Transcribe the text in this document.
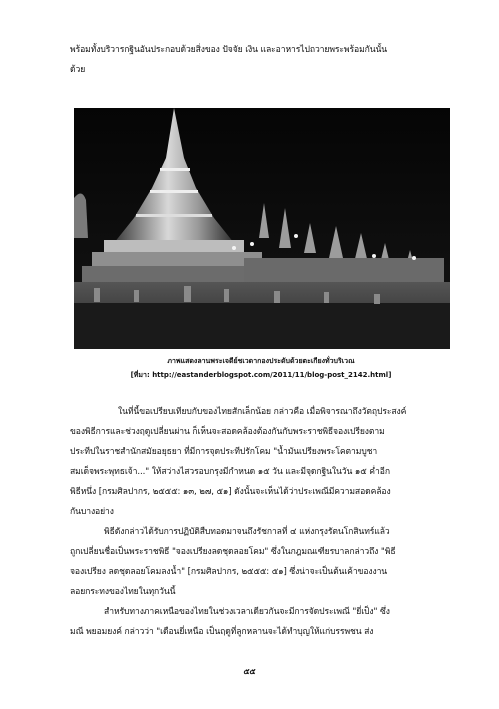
พร้อมทั้งบริวารกฐินอันประกอบด้วยสิ่งของ ปัจจัย เงิน และอาหารไปถวายพระพร้อมกันนั้น

ด้วย

ภาพแสดงลานพระเจดีย์ชเวดากองประดับด้วยตะเกียงทั่วบริเวณ
[ที่มา: http://eastanderblogspot.com/2011/11/blog-post_2142.html]

ในที่นี้ขอเปรียบเทียบกับของไทยสักเล็กน้อย กล่าวคือ เมื่อพิจารณาถึงวัตถุประสงค์
ของพิธีการและช่วงฤดูเปลี่ยนผ่าน ก็เห็นจะสอดคล้องต้องกันกับพระราชพิธีจองเปรียงตาม
ประทีปในราชสำนักสมัยอยุธยา ที่มีการจุดประทีปรักโคม "น้ำมันเปรียงพระโคตามบูชา
สมเด็จพระพุทธเจ้า..." ให้สว่างไสวรอบกรุงมีกำหนด ๑๕ วัน และมีจุดกฐินในวัน ๑๕ ค่ำอีก
พิธีหนึ่ง [กรมศิลปากร, ๒๕๕๕: ๑๓, ๒๗, ๕๑] ดังนั้นจะเห็นได้ว่าประเพณีมีความสอดคล้อง
กันบางอย่าง

พิธีดังกล่าวได้รับการปฏิบัติสืบทอดมาจนถึงรัชกาลที่ ๔ แห่งกรุงรัตนโกสินทร์แล้ว
ถูกเปลี่ยนชื่อเป็นพระราชพิธี "จองเปรียงลดชุดลอยโคม" ซึ่งในกฎมณเฑียรบาลกล่าวถึง "พิธี
จองเปรียง ลดชุดลอยโคมลงน้ำ" [กรมศิลปากร, ๒๕๕๕: ๕๑] ซึ่งน่าจะเป็นต้นเค้าของงาน
ลอยกระทงของไทยในทุกวันนี้

สำหรับทางภาคเหนือของไทยในช่วงเวลาเดียวกันจะมีการจัดประเพณี "ยี่เป็ง" ซึ่ง
มณี พยอมยงค์ กล่าวว่า "เดือนยี่เหนือ เป็นฤดูที่ลูกหลานจะได้ทำบุญให้แก่บรรพชน ส่ง

๕๕
